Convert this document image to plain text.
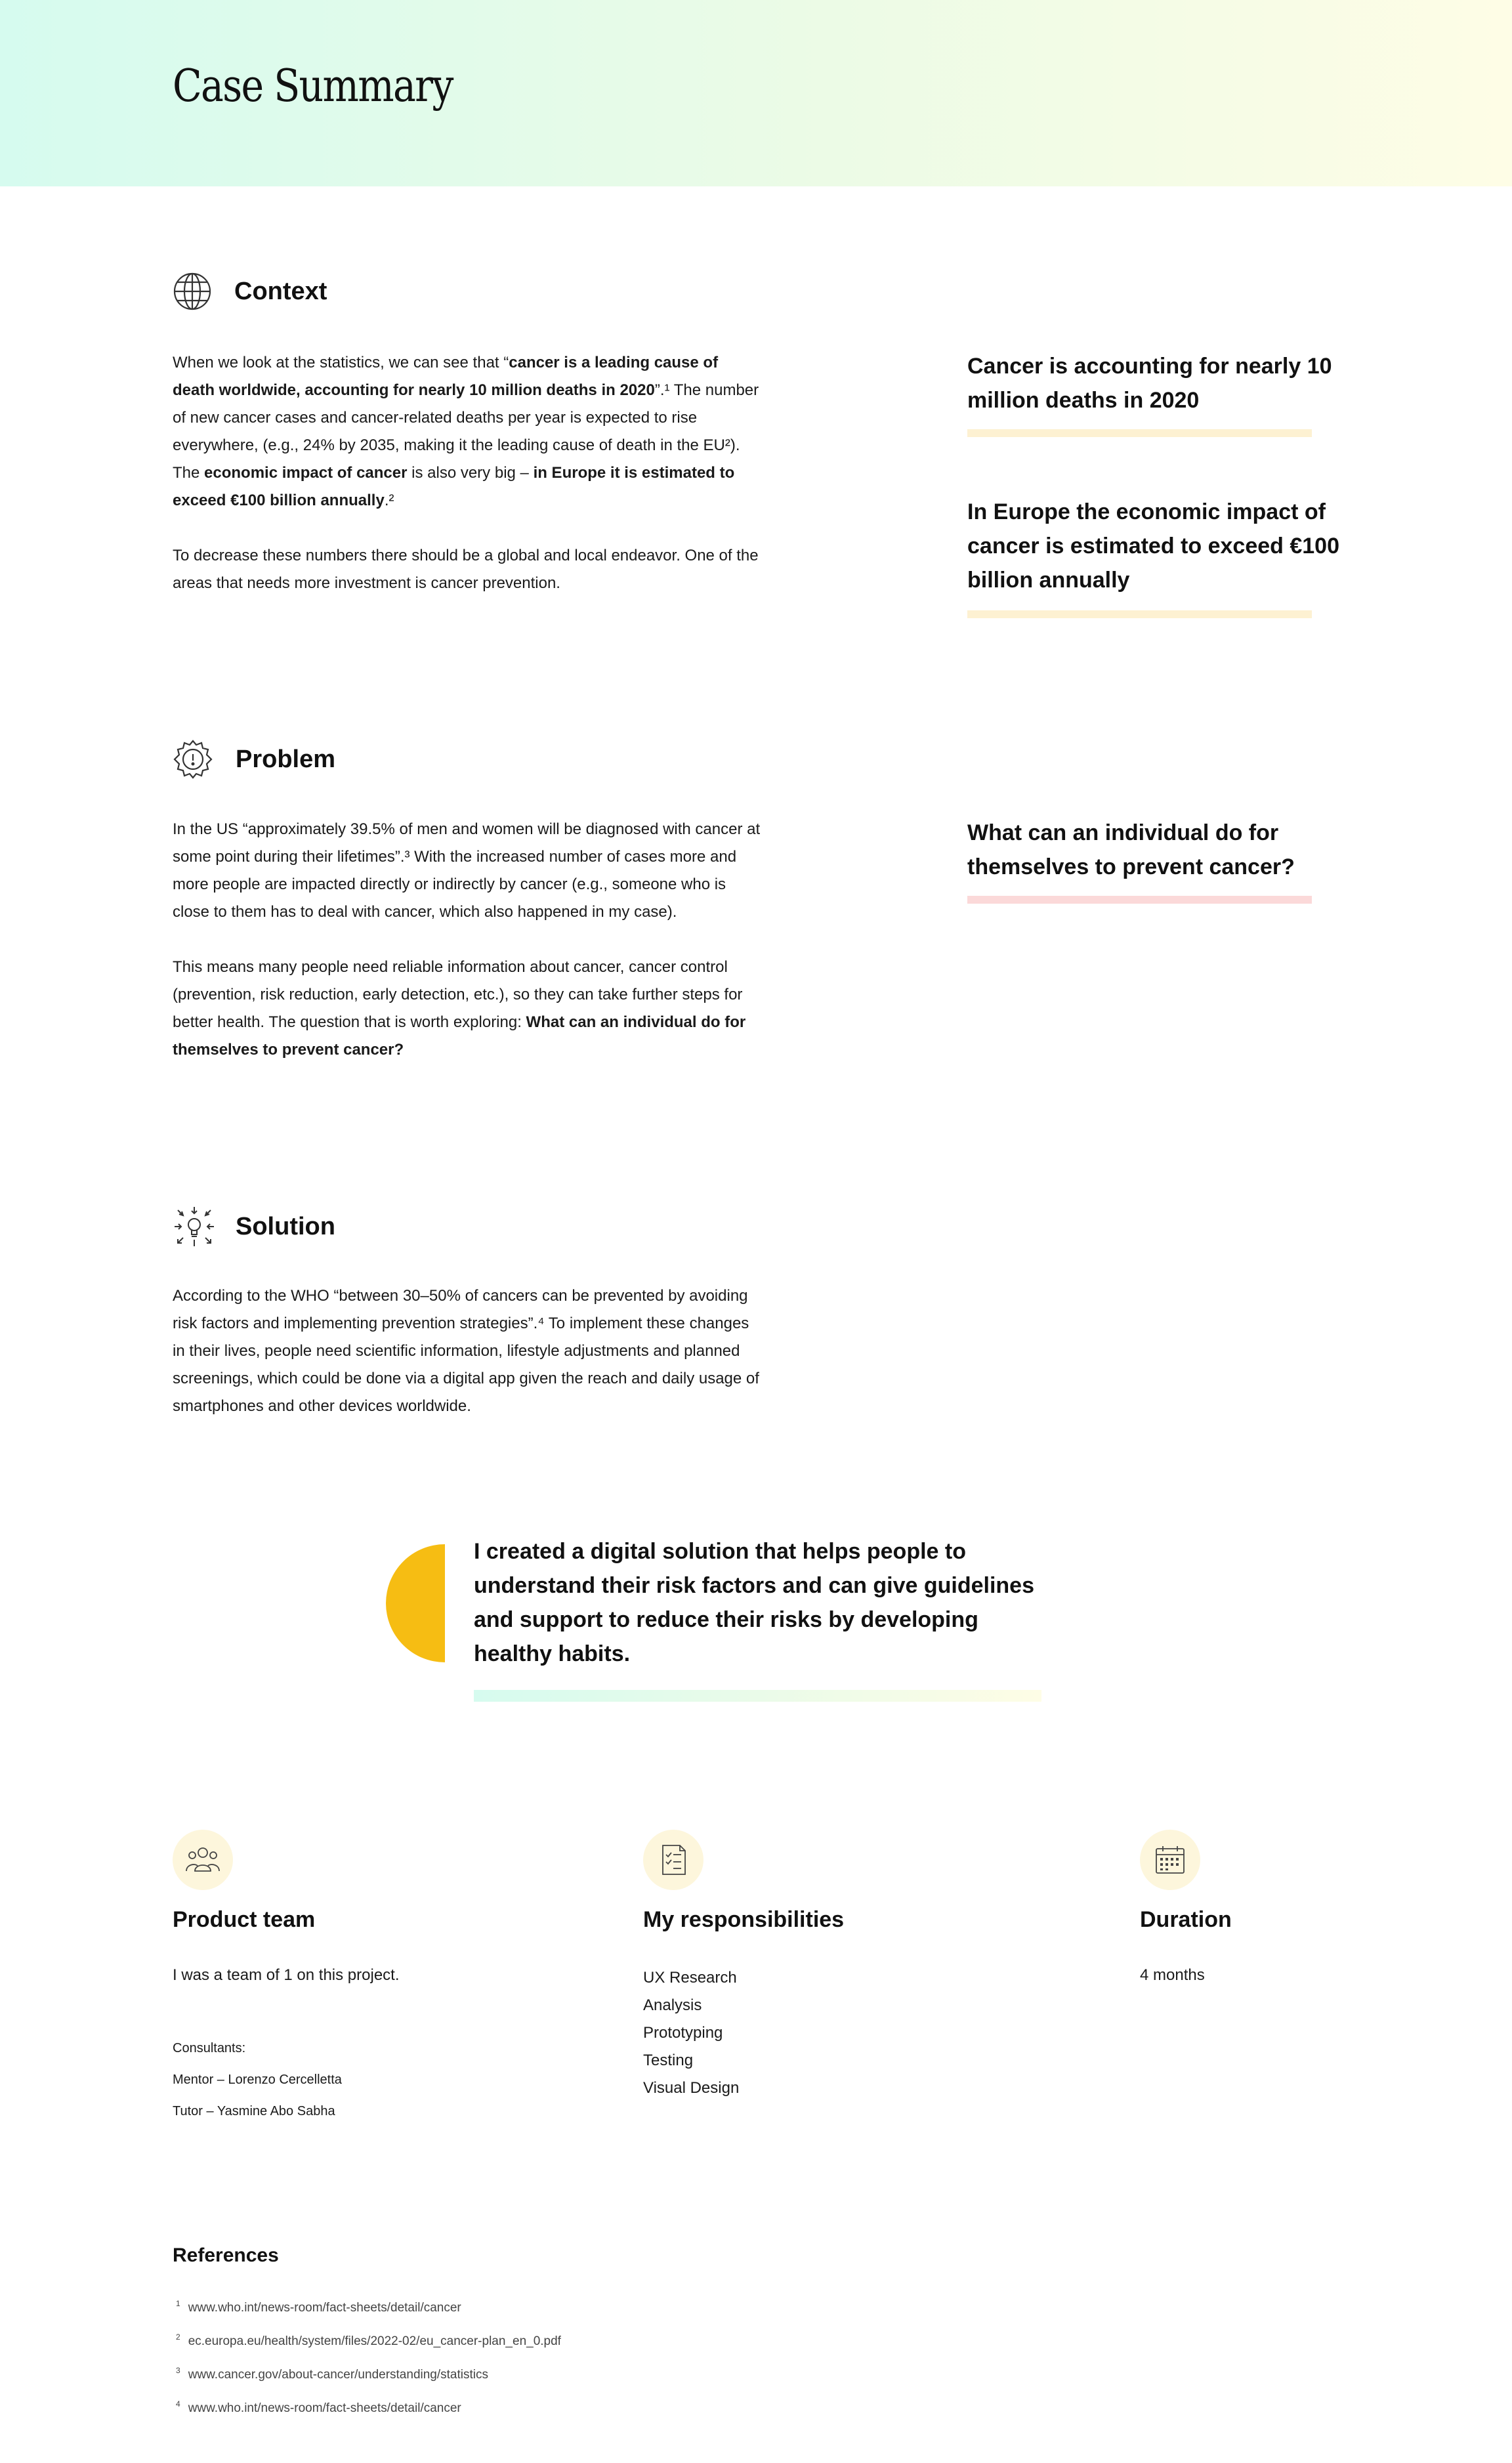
Case Summary
Context

When we look at the statistics, we can see that “cancer is a leading cause of death worldwide, accounting for nearly 10 million deaths in 2020”.¹ The number of new cancer cases and cancer-related deaths per year is expected to rise everywhere, (e.g., 24% by 2035, making it the leading cause of death in the EU²). The economic impact of cancer is also very big – in Europe it is estimated to exceed €100 billion annually.²

To decrease these numbers there should be a global and local endeavor. One of the areas that needs more investment is cancer prevention.

Cancer is accounting for nearly 10 million deaths in 2020
In Europe the economic impact of cancer is estimated to exceed €100 billion annually
Problem

In the US “approximately 39.5% of men and women will be diagnosed with cancer at some point during their lifetimes”.³ With the increased number of cases more and more people are impacted directly or indirectly by cancer (e.g., someone who is close to them has to deal with cancer, which also happened in my case).

This means many people need reliable information about cancer, cancer control (prevention, risk reduction, early detection, etc.), so they can take further steps for better health. The question that is worth exploring: What can an individual do for themselves to prevent cancer?

What can an individual do for themselves to prevent cancer?
Solution

According to the WHO “between 30–50% of cancers can be prevented by avoiding risk factors and implementing prevention strategies”.⁴ To implement these changes in their lives, people need scientific information, lifestyle adjustments and planned screenings, which could be done via a digital app given the reach and daily usage of smartphones and other devices worldwide.

I created a digital solution that helps people to understand their risk factors and can give guidelines and support to reduce their risks by developing healthy habits.
Product team
I was a team of 1 on this project.
Consultants:
Mentor – Lorenzo Cercelletta
Tutor – Yasmine Abo Sabha
My responsibilities
UX Research
Analysis
Prototyping
Testing
Visual Design
Duration
4 months
References
$^1$ www.who.int/news-room/fact-sheets/detail/cancer
$^2$ ec.europa.eu/health/system/files/2022-02/eu_cancer-plan_en_0.pdf
$^3$ www.cancer.gov/about-cancer/understanding/statistics
$^4$ www.who.int/news-room/fact-sheets/detail/cancer
